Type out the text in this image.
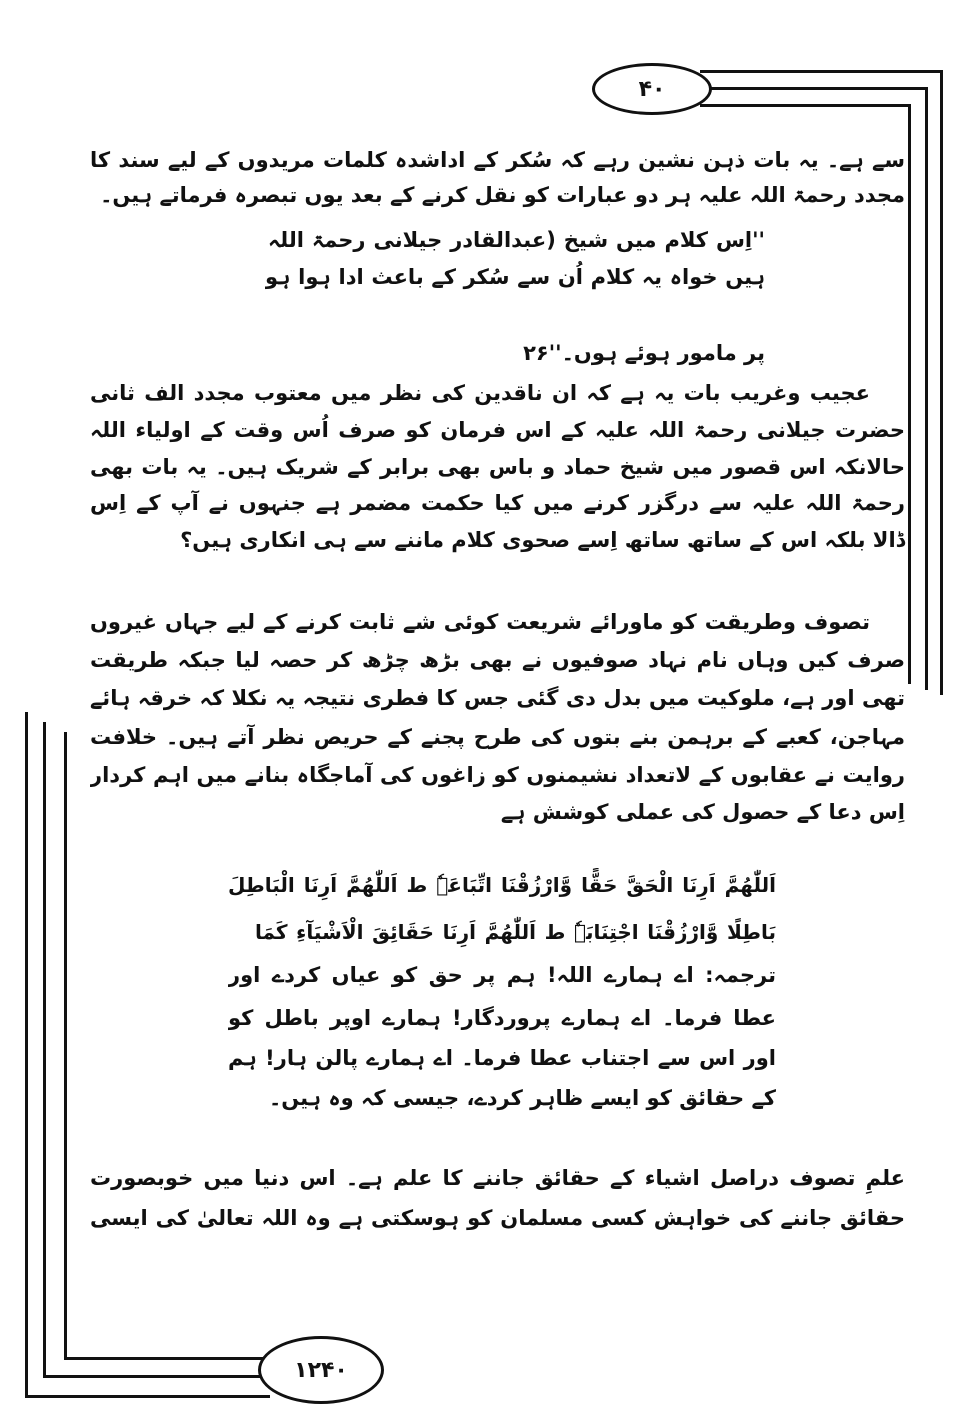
۴۰
۱۲۴۰
سے ہے۔ یہ بات ذہن نشین رہے کہ سُکر کے اداشدہ کلمات مریدوں کے لیے سند کا
مجدد رحمۃ اللہ علیہ ہر دو عبارات کو نقل کرنے کے بعد یوں تبصرہ فرماتے ہیں۔
''اِس کلام میں شیخ (عبدالقادر جیلانی رحمۃ اللہ
ہیں خواہ یہ کلام اُن سے سُکر کے باعث ادا ہوا ہو
پر مامور ہوئے ہوں۔''۲۶
عجیب وغریب بات یہ ہے کہ ان ناقدین کی نظر میں معتوب مجدد الف ثانی
حضرت جیلانی رحمۃ اللہ علیہ کے اس فرمان کو صرف اُس وقت کے اولیاء اللہ
حالانکہ اس قصور میں شیخ حماد و باس بھی برابر کے شریک ہیں۔ یہ بات بھی
رحمۃ اللہ علیہ سے درگزر کرنے میں کیا حکمت مضمر ہے جنہوں نے آپ کے اِس
ڈالا بلکہ اس کے ساتھ ساتھ اِسے صحوی کلام ماننے سے ہی انکاری ہیں؟
تصوف وطریقت کو ماورائے شریعت کوئی شے ثابت کرنے کے لیے جہاں غیروں
صرف کیں وہاں نام نہاد صوفیوں نے بھی بڑھ چڑھ کر حصہ لیا جبکہ طریقت
تھی اور ہے، ملوکیت میں بدل دی گئی جس کا فطری نتیجہ یہ نکلا کہ خرقہ ہائے
مہاجن، کعبے کے برہمن بنے بتوں کی طرح پجنے کے حریص نظر آتے ہیں۔ خلافت
روایت نے عقابوں کے لاتعداد نشیمنوں کو زاغوں کی آماجگاہ بنانے میں اہم کردار
اِس دعا کے حصول کی عملی کوشش ہے
اَللّٰھُمَّ اَرِنَا الْحَقَّ حَقًّا وَّارْزُقْنَا اتِّبَاعَہٗ ط اَللّٰھُمَّ اَرِنَا الْبَاطِلَ
بَاطِلًا وَّارْزُقْنَا اجْتِنَابَہٗ ط اَللّٰھُمَّ اَرِنَا حَقَائِقَ الْاَشْیَآءِ کَمَا
ترجمہ: اے ہمارے اللہ! ہم پر حق کو عیاں کردے اور
عطا فرما۔ اے ہمارے پروردگار! ہمارے اوپر باطل کو
اور اس سے اجتناب عطا فرما۔ اے ہمارے پالن ہار! ہم
کے حقائق کو ایسے ظاہر کردے، جیسی کہ وہ ہیں۔
علمِ تصوف دراصل اشیاء کے حقائق جاننے کا علم ہے۔ اس دنیا میں خوبصورت
حقائق جاننے کی خواہش کسی مسلمان کو ہوسکتی ہے وہ اللہ تعالیٰ کی ایسی
